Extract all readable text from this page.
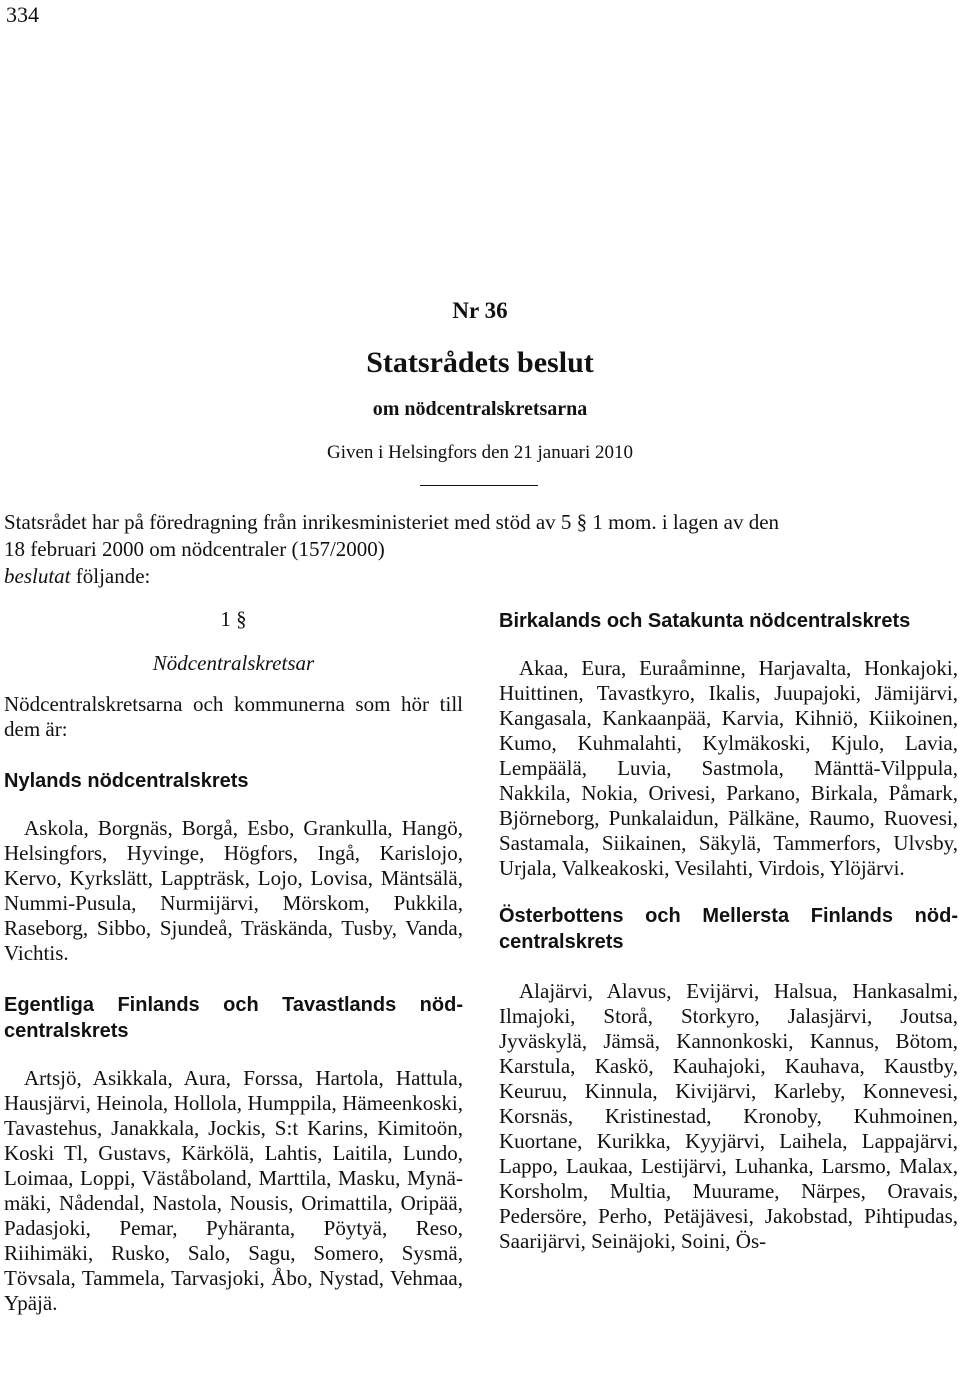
334
Nr 36
Statsrådets beslut
om nödcentralskretsarna
Given i Helsingfors den 21 januari 2010
Statsrådet har på föredragning från inrikesministeriet med stöd av 5 § 1 mom. i lagen av den
18 februari 2000 om nödcentraler (157/2000)
beslutat följande:

1 §

Nödcentralskretsar

Nödcentralskretsarna och kommunerna som hör till dem är:

Nylands nödcentralskrets

Askola, Borgnäs, Borgå, Esbo, Grankulla, Hangö, Helsingfors, Hyvinge, Högfors, Ingå, Karislojo, Kervo, Kyrkslätt, Lappträsk, Lojo, Lovisa, Mäntsälä, Nummi-Pusula, Nurmijärvi, Mörskom, Pukkila, Raseborg, Sibbo, Sjundeå, Träskända, Tusby, Vanda, Vichtis.

Egentliga Finlands och Tavastlands nödcentralskrets

Artsjö, Asikkala, Aura, Forssa, Hartola, Hattula, Hausjärvi, Heinola, Hollola, Humppila, Hämeenkoski, Tavastehus, Janakkala, Jockis, S:t Karins, Kimitoön, Koski Tl, Gustavs, Kärkölä, Lahtis, Laitila, Lundo, Loimaa, Loppi, Väståboland, Marttila, Masku, Mynämäki, Nådendal, Nastola, Nousis, Orimattila, Oripää, Padasjoki, Pemar, Pyhäranta, Pöytyä, Reso, Riihimäki, Rusko, Salo, Sagu, Somero, Sysmä, Tövsala, Tammela, Tarvasjoki, Åbo, Nystad, Vehmaa, Ypäjä.

Birkalands och Satakunta nödcentralskrets

Akaa, Eura, Euraåminne, Harjavalta, Honkajoki, Huittinen, Tavastkyro, Ikalis, Juupajoki, Jämijärvi, Kangasala, Kankaanpää, Karvia, Kihniö, Kiikoinen, Kumo, Kuhmalahti, Kylmäkoski, Kjulo, Lavia, Lempäälä, Luvia, Sastmola, Mänttä-Vilppula, Nakkila, Nokia, Orivesi, Parkano, Birkala, Påmark, Björneborg, Punkalaidun, Pälkäne, Raumo, Ruovesi, Sastamala, Siikainen, Säkylä, Tammerfors, Ulvsby, Urjala, Valkeakoski, Vesilahti, Virdois, Ylöjärvi.

Österbottens och Mellersta Finlands nödcentralskrets

Alajärvi, Alavus, Evijärvi, Halsua, Hankasalmi, Ilmajoki, Storå, Storkyro, Jalasjärvi, Joutsa, Jyväskylä, Jämsä, Kannonkoski, Kannus, Bötom, Karstula, Kaskö, Kauhajoki, Kauhava, Kaustby, Keuruu, Kinnula, Kivijärvi, Karleby, Konnevesi, Korsnäs, Kristinestad, Kronoby, Kuhmoinen, Kuortane, Kurikka, Kyyjärvi, Laihela, Lappajärvi, Lappo, Laukaa, Lestijärvi, Luhanka, Larsmo, Malax, Korsholm, Multia, Muurame, Närpes, Oravais, Pedersöre, Perho, Petäjävesi, Jakobstad, Pihtipudas, Saarijärvi, Seinäjoki, Soini, Ös-
